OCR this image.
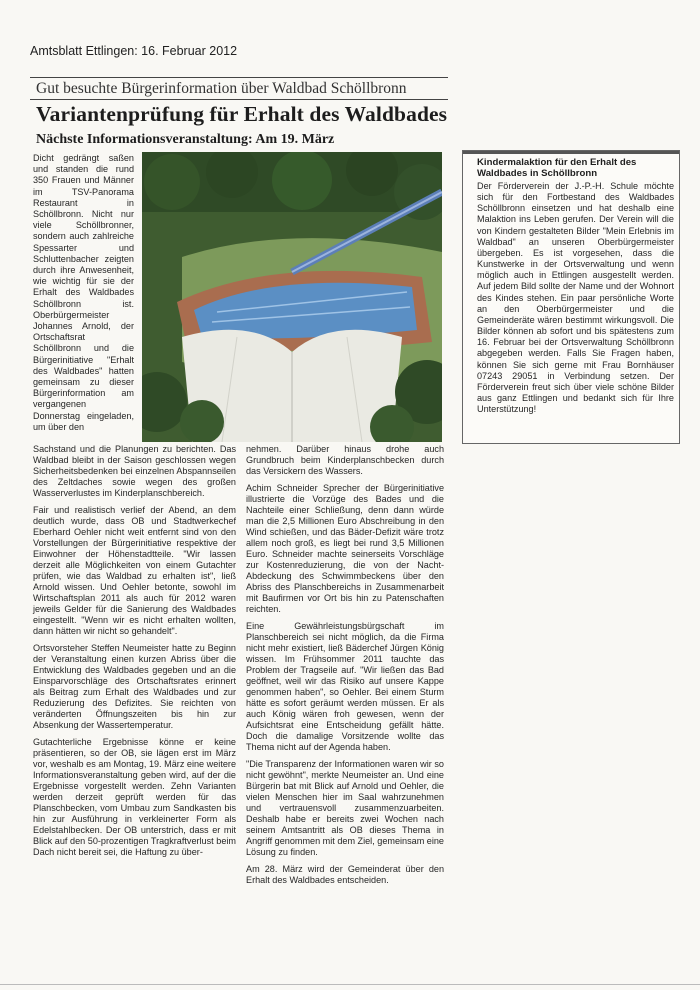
Amtsblatt Ettlingen: 16. Februar 2012
Gut besuchte Bürgerinformation über Waldbad Schöllbronn
Variantenprüfung für Erhalt des Waldbades
Nächste Informationsveranstaltung: Am 19. März
Dicht gedrängt saßen und standen die rund 350 Frauen und Männer im TSV-Panorama Restaurant in Schöllbronn. Nicht nur viele Schöllbronner, sondern auch zahlreiche Spessarter und Schluttenbacher zeigten durch ihre Anwesenheit, wie wichtig für sie der Erhalt des Waldbades Schöllbronn ist. Oberbürgermeister Johannes Arnold, der Ortschaftsrat Schöllbronn und die Bürgerinitiative "Erhalt des Waldbades" hatten gemeinsam zu dieser Bürgerinformation am vergangenen Donnerstag eingeladen, um über den

Sachstand und die Planungen zu berichten. Das Waldbad bleibt in der Saison geschlossen wegen Sicherheitsbedenken bei einzelnen Abspannseilen des Zeltdaches sowie wegen des großen Wasserverlustes im Kinderplanschbereich.

Fair und realistisch verlief der Abend, an dem deutlich wurde, dass OB und Stadtwerkechef Eberhard Oehler nicht weit entfernt sind von den Vorstellungen der Bürgerinitiative respektive der Einwohner der Höhenstadtteile. "Wir lassen derzeit alle Möglichkeiten von einem Gutachter prüfen, wie das Waldbad zu erhalten ist", ließ Arnold wissen. Und Oehler betonte, sowohl im Wirtschaftsplan 2011 als auch für 2012 waren jeweils Gelder für die Sanierung des Waldbades eingestellt. "Wenn wir es nicht erhalten wollten, dann hätten wir nicht so gehandelt".

Ortsvorsteher Steffen Neumeister hatte zu Beginn der Veranstaltung einen kurzen Abriss über die Entwicklung des Waldbades gegeben und an die Einsparvorschläge des Ortschaftsrates erinnert als Beitrag zum Erhalt des Waldbades und zur Reduzierung des Defizites. Sie reichten von veränderten Öffnungszeiten bis hin zur Absenkung der Wassertemperatur.

Gutachterliche Ergebnisse könne er keine präsentieren, so der OB, sie lägen erst im März vor, weshalb es am Montag, 19. März eine weitere Informationsveranstaltung geben wird, auf der die Ergebnisse vorgestellt werden. Zehn Varianten werden derzeit geprüft werden für das Planschbecken, vom Umbau zum Sandkasten bis hin zur Ausführung in verkleinerter Form als Edelstahlbecken. Der OB unterstrich, dass er mit Blick auf den 50-prozentigen Tragkraftverlust beim Dach nicht bereit sei, die Haftung zu über-

nehmen. Darüber hinaus drohe auch Grundbruch beim Kinderplanschbecken durch das Versickern des Wassers.

Achim Schneider Sprecher der Bürgerinitiative illustrierte die Vorzüge des Bades und die Nachteile einer Schließung, denn dann würde man die 2,5 Millionen Euro Abschreibung in den Wind schießen, und das Bäder-Defizit wäre trotz allem noch groß, es liegt bei rund 3,5 Millionen Euro. Schneider machte seinerseits Vorschläge zur Kostenreduzierung, die von der Nacht-Abdeckung des Schwimmbeckens über den Abriss des Planschbereichs in Zusammenarbeit mit Baufirmen vor Ort bis hin zu Patenschaften reichten.

Eine Gewährleistungsbürgschaft im Planschbereich sei nicht möglich, da die Firma nicht mehr existiert, ließ Bäderchef Jürgen König wissen. Im Frühsommer 2011 tauchte das Problem der Tragseile auf. "Wir ließen das Bad geöffnet, weil wir das Risiko auf unsere Kappe genommen haben", so Oehler. Bei einem Sturm hätte es sofort geräumt werden müssen. Er als auch König wären froh gewesen, wenn der Aufsichtsrat eine Entscheidung gefällt hätte. Doch die damalige Vorsitzende wollte das Thema nicht auf der Agenda haben.

"Die Transparenz der Informationen waren wir so nicht gewöhnt", merkte Neumeister an. Und eine Bürgerin bat mit Blick auf Arnold und Oehler, die vielen Menschen hier im Saal wahrzunehmen und vertrauensvoll zusammenzuarbeiten. Deshalb habe er bereits zwei Wochen nach seinem Amtsantritt als OB dieses Thema in Angriff genommen mit dem Ziel, gemeinsam eine Lösung zu finden.

Am 28. März wird der Gemeinderat über den Erhalt des Waldbades entscheiden.

Kindermalaktion für den Erhalt des Waldbades in Schöllbronn
Der Förderverein der J.-P.-H. Schule möchte sich für den Fortbestand des Waldbades Schöllbronn einsetzen und hat deshalb eine Malaktion ins Leben gerufen. Der Verein will die von Kindern gestalteten Bilder "Mein Erlebnis im Waldbad" an unseren Oberbürgermeister übergeben. Es ist vorgesehen, dass die Kunstwerke in der Ortsverwaltung und wenn möglich auch in Ettlingen ausgestellt werden. Auf jedem Bild sollte der Name und der Wohnort des Kindes stehen. Ein paar persönliche Worte an den Oberbürgermeister und die Gemeinderäte wären bestimmt wirkungsvoll. Die Bilder können ab sofort und bis spätestens zum 16. Februar bei der Ortsverwaltung Schöllbronn abgegeben werden. Falls Sie Fragen haben, können Sie sich gerne mit Frau Bornhäuser 07243 29051 in Verbindung setzen. Der Förderverein freut sich über viele schöne Bilder aus ganz Ettlingen und bedankt sich für Ihre Unterstützung!
